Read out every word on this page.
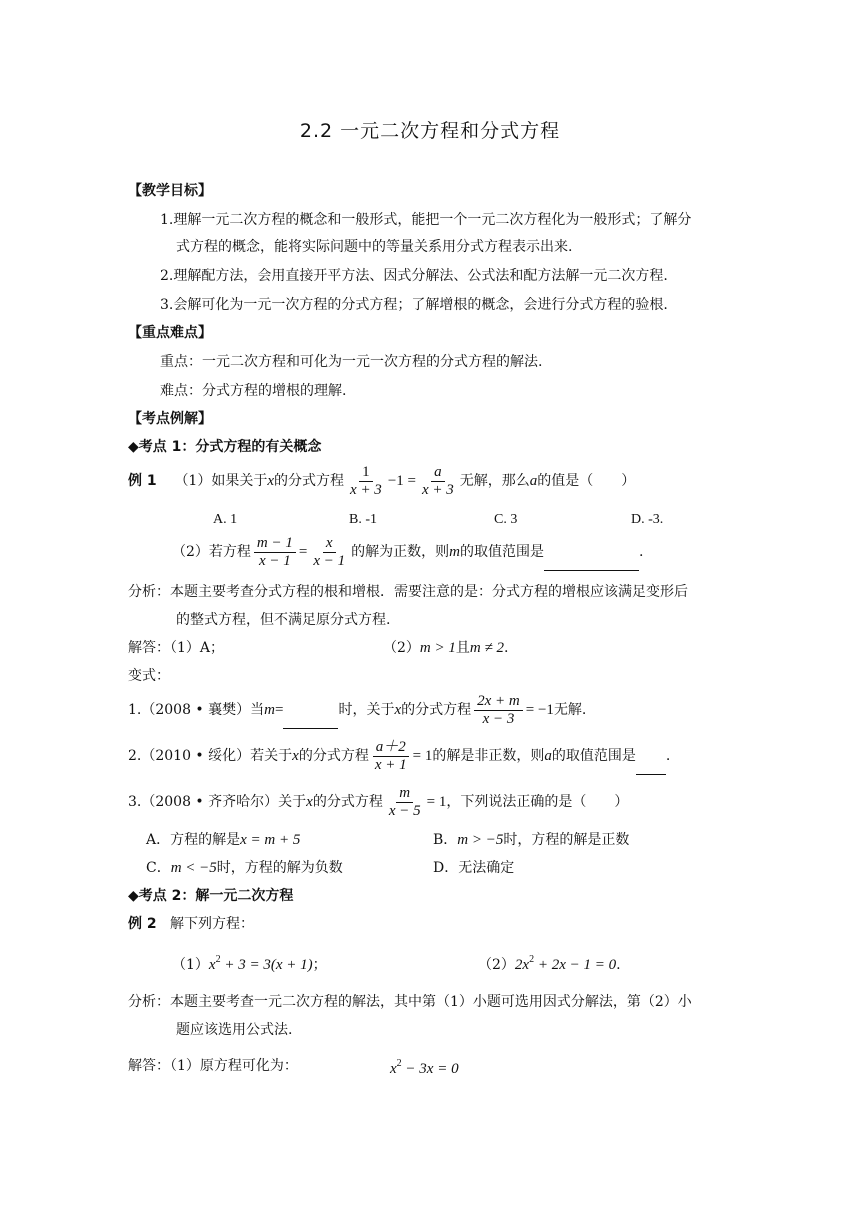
2.2 一元二次方程和分式方程
【教学目标】
1.理解一元二次方程的概念和一般形式，能把一个一元二次方程化为一般形式；了解分
式方程的概念，能将实际问题中的等量关系用分式方程表示出来.
2.理解配方法，会用直接开平方法、因式分解法、公式法和配方法解一元二次方程.
3.会解可化为一元一次方程的分式方程；了解增根的概念，会进行分式方程的验根.
【重点难点】
重点：一元二次方程和可化为一元一次方程的分式方程的解法.
难点：分式方程的增根的理解.
【考点例解】
◆考点 1：分式方程的有关概念
例 1 （1）如果关于x的分式方程 $\frac{1}{x + 3} -1 = \frac{a}{x + 3}$ 无解，那么a的值是（　　）
A. 1	B. -1	C. 3	D. -3.
（2）若方程 $\frac{m - 1}{x - 1} = \frac{x}{x - 1}$ 的解为正数，则m的取值范围是	.
分析：本题主要考查分式方程的根和增根．需要注意的是：分式方程的增根应该满足变形后
的整式方程，但不满足原分式方程.
解答：（1）A；	（2）m > 1且m ≠ 2.
变式：
1.（2008 • 襄樊）当m=	时，关于x的分式方程 $\frac{2x + m}{x - 3} = -1$无解.
2.（2010 • 绥化）若关于x的分式方程 $\frac{a+2}{x + 1} = 1$的解是非正数，则a的取值范围是 .
3.（2008 • 齐齐哈尔）关于x的分式方程 $\frac{m}{x - 5} = 1$，下列说法正确的是（　　）
A．方程的解是x = m + 5	B．m > −5时，方程的解是正数
C．m < −5时，方程的解为负数	D．无法确定
◆考点 2：解一元二次方程
例 2 解下列方程：
$(1)x^2 + 3 = 3(x + 1)$；	$(2)2x^2 + 2x - 1 = 0$.
分析：本题主要考查一元二次方程的解法，其中第（1）小题可选用因式分解法，第（2）小
题应该选用公式法.
解答：（1）原方程可化为：	$x^2 - 3x = 0$
